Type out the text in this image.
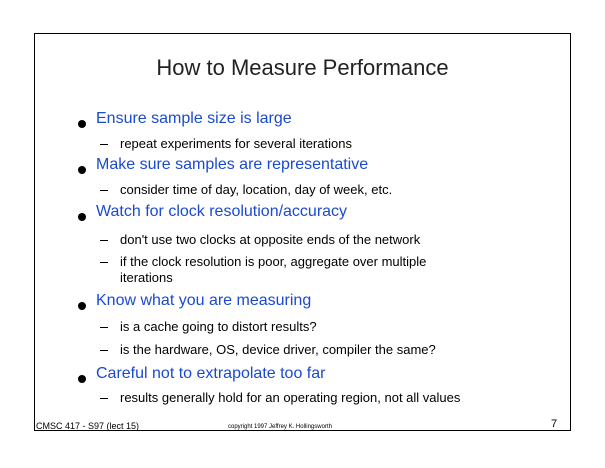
How to Measure Performance
Ensure sample size is large
repeat experiments for several iterations
Make sure samples are representative
consider time of day, location, day of week, etc.
Watch for clock resolution/accuracy
don't use two clocks at opposite ends of the network
if the clock resolution is poor, aggregate over multiple
iterations
Know what you are measuring
is a cache going to distort results?
is the hardware, OS, device driver, compiler the same?
Careful not to extrapolate too far
results generally hold for an operating region, not all values
CMSC 417 - S97 (lect 15)	copyright 1997 Jeffrey K. Hollingsworth	7
